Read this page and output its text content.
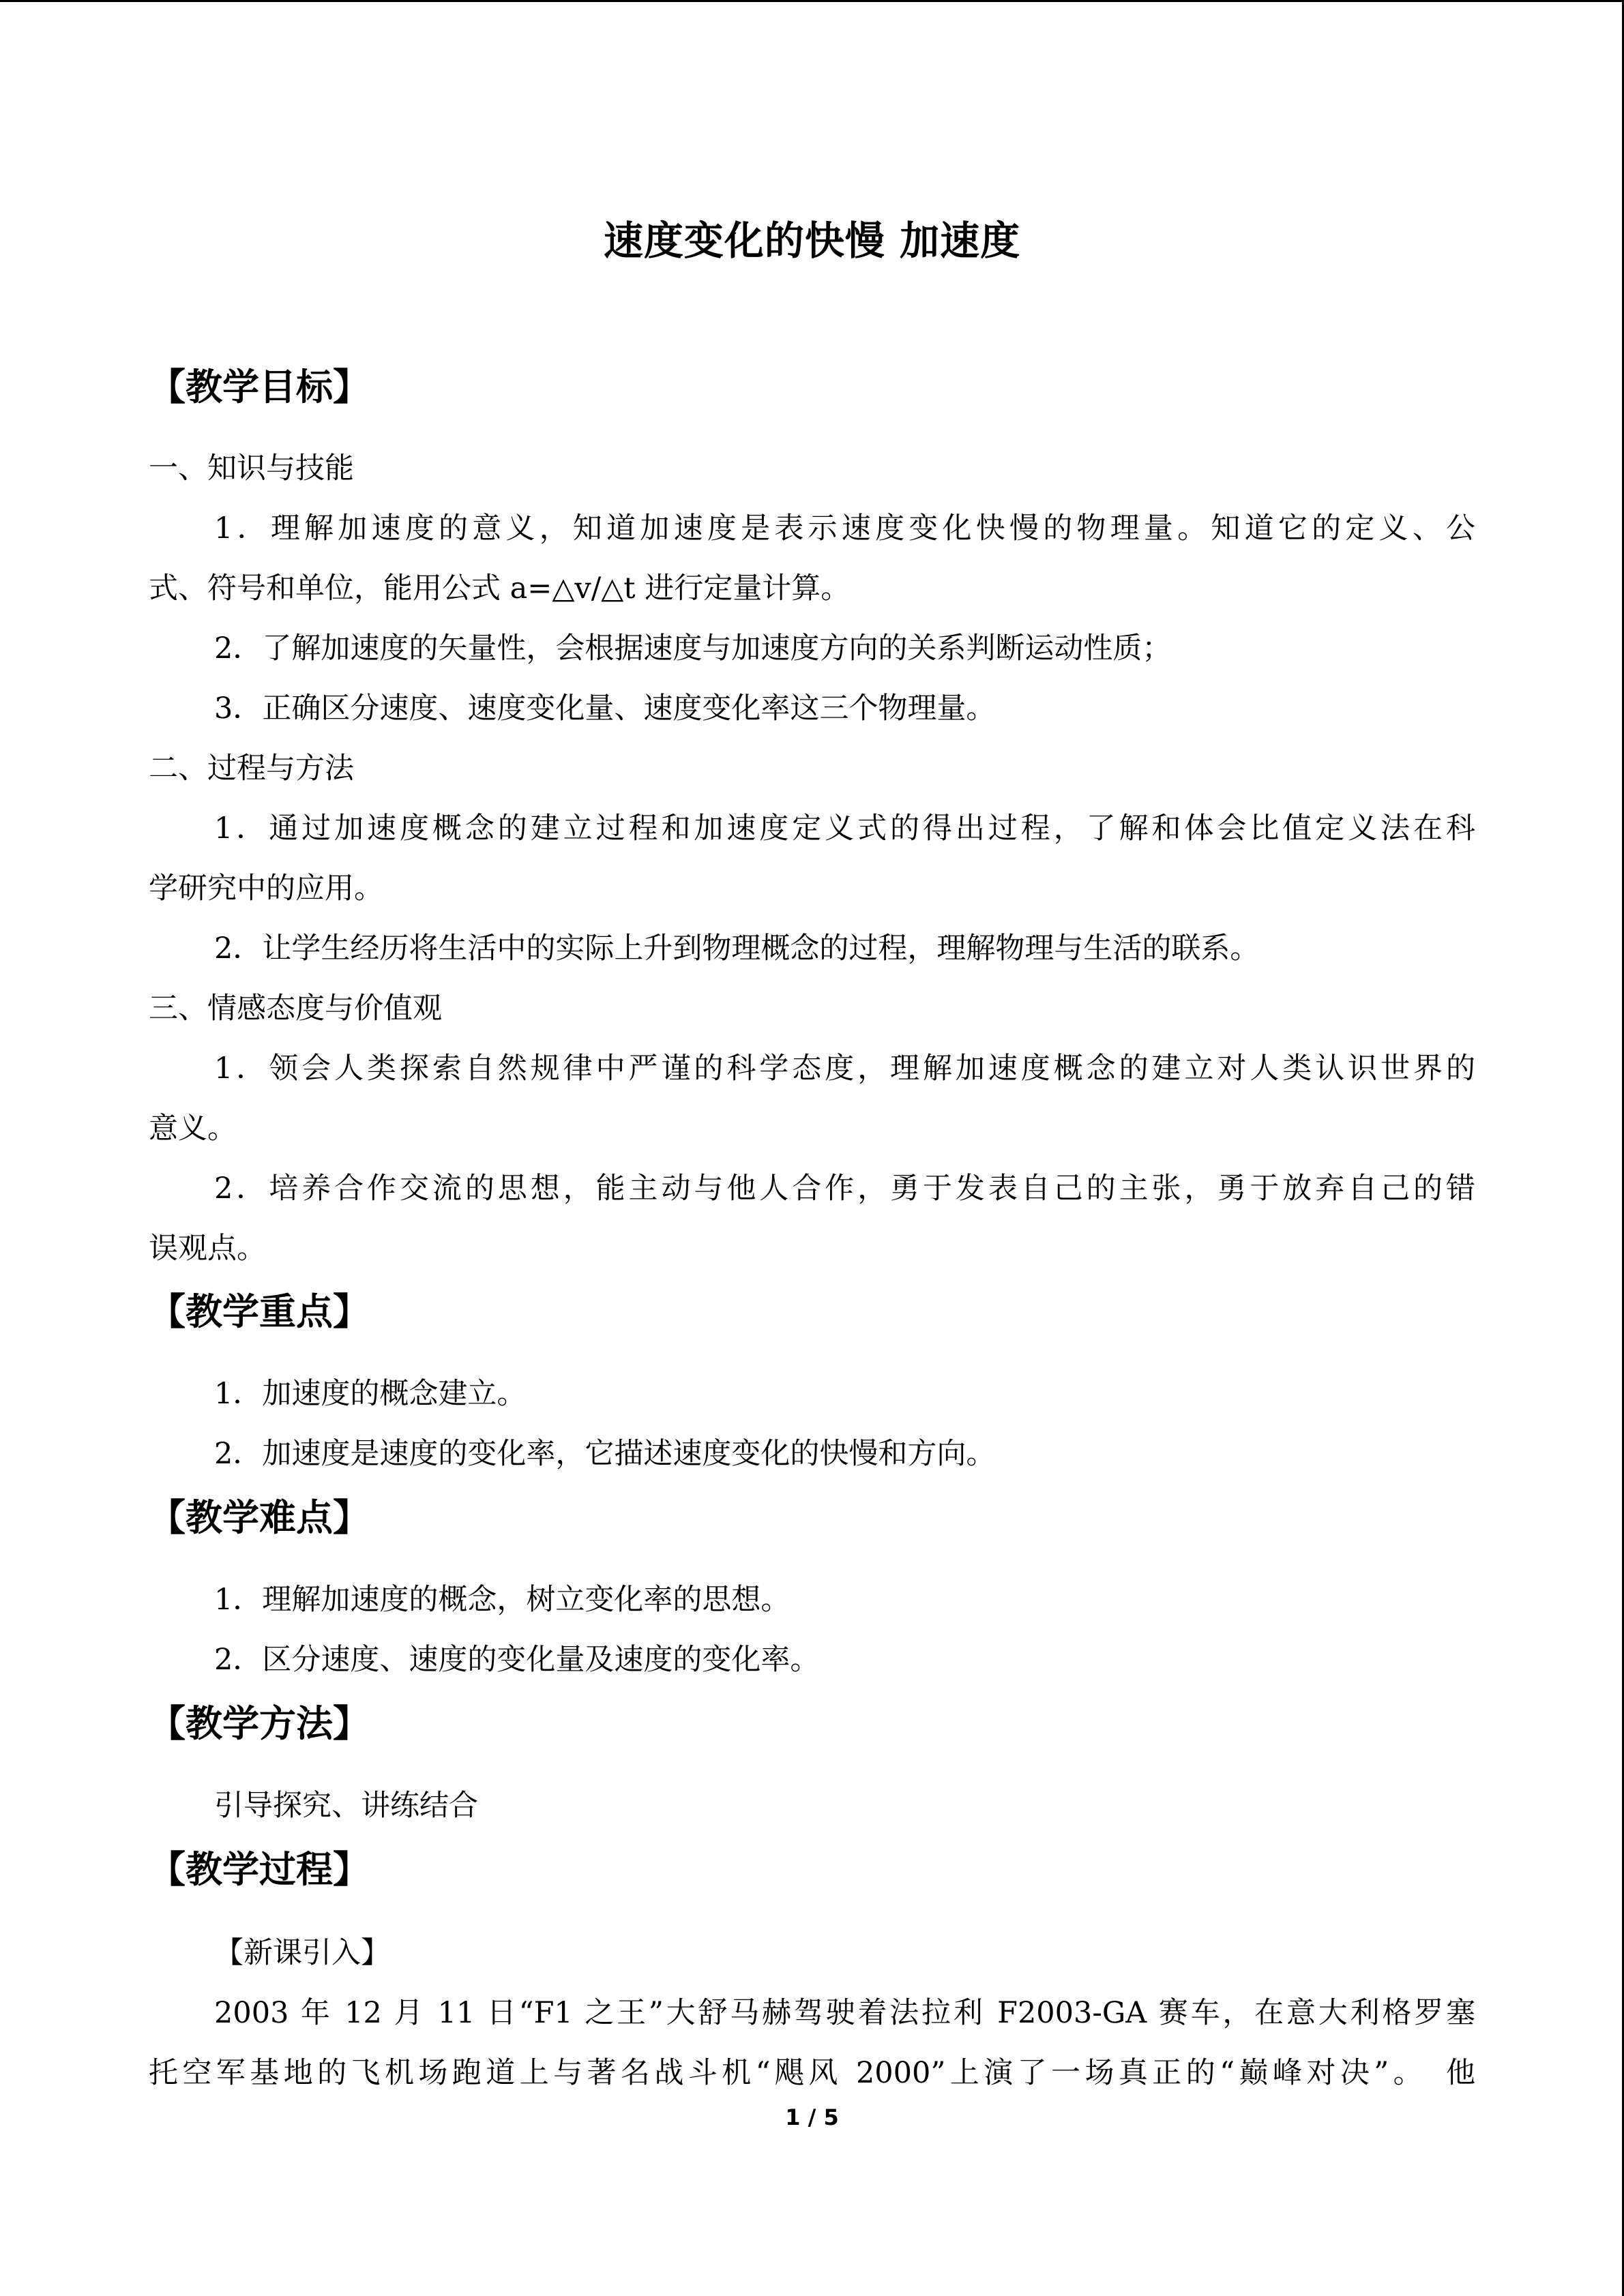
速度变化的快慢 加速度
【教学目标】
一、知识与技能
1．理解加速度的意义，知道加速度是表示速度变化快慢的物理量。知道它的定义、公
式、符号和单位，能用公式 a=△v/△t 进行定量计算。
2．了解加速度的矢量性，会根据速度与加速度方向的关系判断运动性质；
3．正确区分速度、速度变化量、速度变化率这三个物理量。
二、过程与方法
1．通过加速度概念的建立过程和加速度定义式的得出过程，了解和体会比值定义法在科
学研究中的应用。
2．让学生经历将生活中的实际上升到物理概念的过程，理解物理与生活的联系。
三、情感态度与价值观
1．领会人类探索自然规律中严谨的科学态度，理解加速度概念的建立对人类认识世界的
意义。
2．培养合作交流的思想，能主动与他人合作，勇于发表自己的主张，勇于放弃自己的错
误观点。
【教学重点】
1．加速度的概念建立。
2．加速度是速度的变化率，它描述速度变化的快慢和方向。
【教学难点】
1．理解加速度的概念，树立变化率的思想。
2．区分速度、速度的变化量及速度的变化率。
【教学方法】
引导探究、讲练结合
【教学过程】
【新课引入】
2003 年 12 月 11 日“F1 之王”大舒马赫驾驶着法拉利 F2003-GA 赛车，在意大利格罗塞
托空军基地的飞机场跑道上与著名战斗机“飓风 2000”上演了一场真正的“巅峰对决”。　他
1 / 5
